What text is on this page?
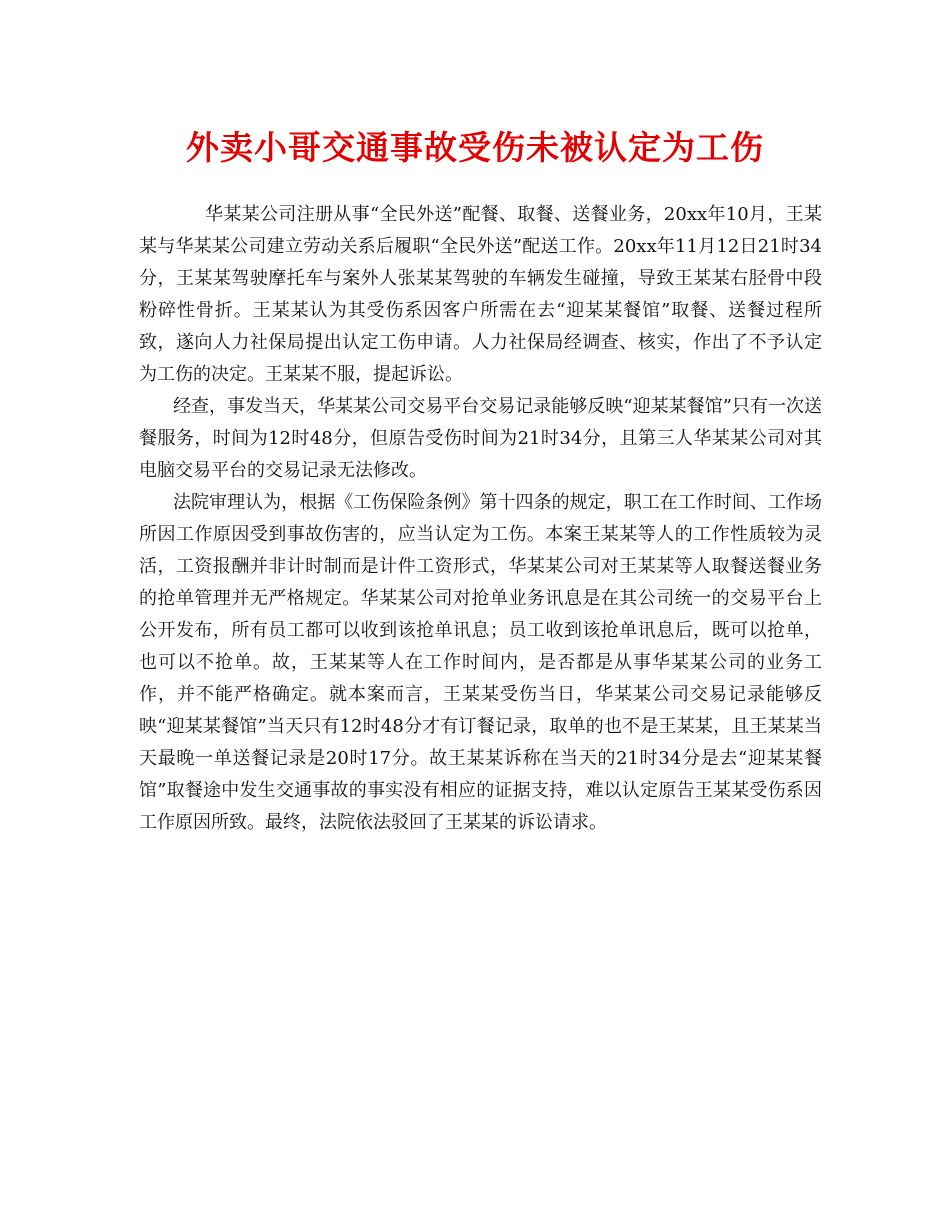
外卖小哥交通事故受伤未被认定为工伤

华某某公司注册从事“全民外送”配餐、取餐、送餐业务，20xx年10月，王某某与华某某公司建立劳动关系后履职“全民外送”配送工作。20xx年11月12日21时34分，王某某驾驶摩托车与案外人张某某驾驶的车辆发生碰撞，导致王某某右胫骨中段粉碎性骨折。王某某认为其受伤系因客户所需在去“迎某某餐馆”取餐、送餐过程所致，遂向人力社保局提出认定工伤申请。人力社保局经调查、核实，作出了不予认定为工伤的决定。王某某不服，提起诉讼。

经查，事发当天，华某某公司交易平台交易记录能够反映“迎某某餐馆”只有一次送餐服务，时间为12时48分，但原告受伤时间为21时34分，且第三人华某某公司对其电脑交易平台的交易记录无法修改。

法院审理认为，根据《工伤保险条例》第十四条的规定，职工在工作时间、工作场所因工作原因受到事故伤害的，应当认定为工伤。本案王某某等人的工作性质较为灵活，工资报酬并非计时制而是计件工资形式，华某某公司对王某某等人取餐送餐业务的抢单管理并无严格规定。华某某公司对抢单业务讯息是在其公司统一的交易平台上公开发布，所有员工都可以收到该抢单讯息；员工收到该抢单讯息后，既可以抢单，也可以不抢单。故，王某某等人在工作时间内，是否都是从事华某某公司的业务工作，并不能严格确定。就本案而言，王某某受伤当日，华某某公司交易记录能够反映“迎某某餐馆”当天只有12时48分才有订餐记录，取单的也不是王某某，且王某某当天最晚一单送餐记录是20时17分。故王某某诉称在当天的21时34分是去“迎某某餐馆”取餐途中发生交通事故的事实没有相应的证据支持，难以认定原告王某某受伤系因工作原因所致。最终，法院依法驳回了王某某的诉讼请求。
